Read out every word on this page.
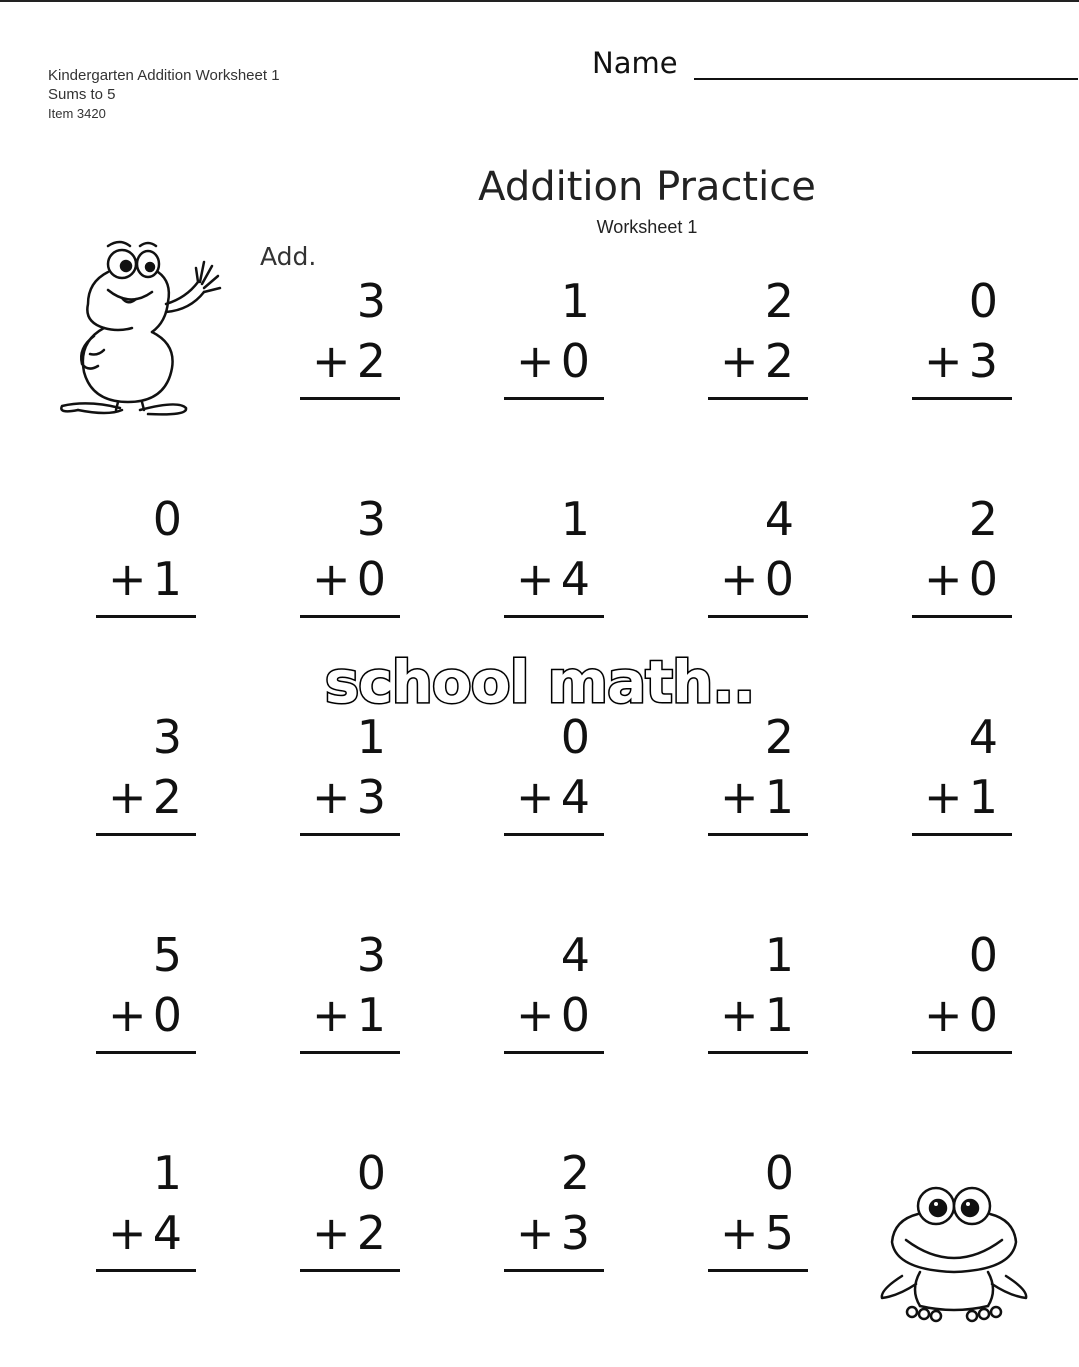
Kindergarten Addition Worksheet 1
Sums to 5
Item 3420
Name
Addition Practice
Worksheet 1
Add.
3
+ 2
1
+ 0
2
+ 2
0
+ 3
0
+ 1
3
+ 0
1
+ 4
4
+ 0
2
+ 0
3
+ 2
1
+ 3
0
+ 4
2
+ 1
4
+ 1
5
+ 0
3
+ 1
4
+ 0
1
+ 1
0
+ 0
1
+ 4
0
+ 2
2
+ 3
0
+ 5
school math..
